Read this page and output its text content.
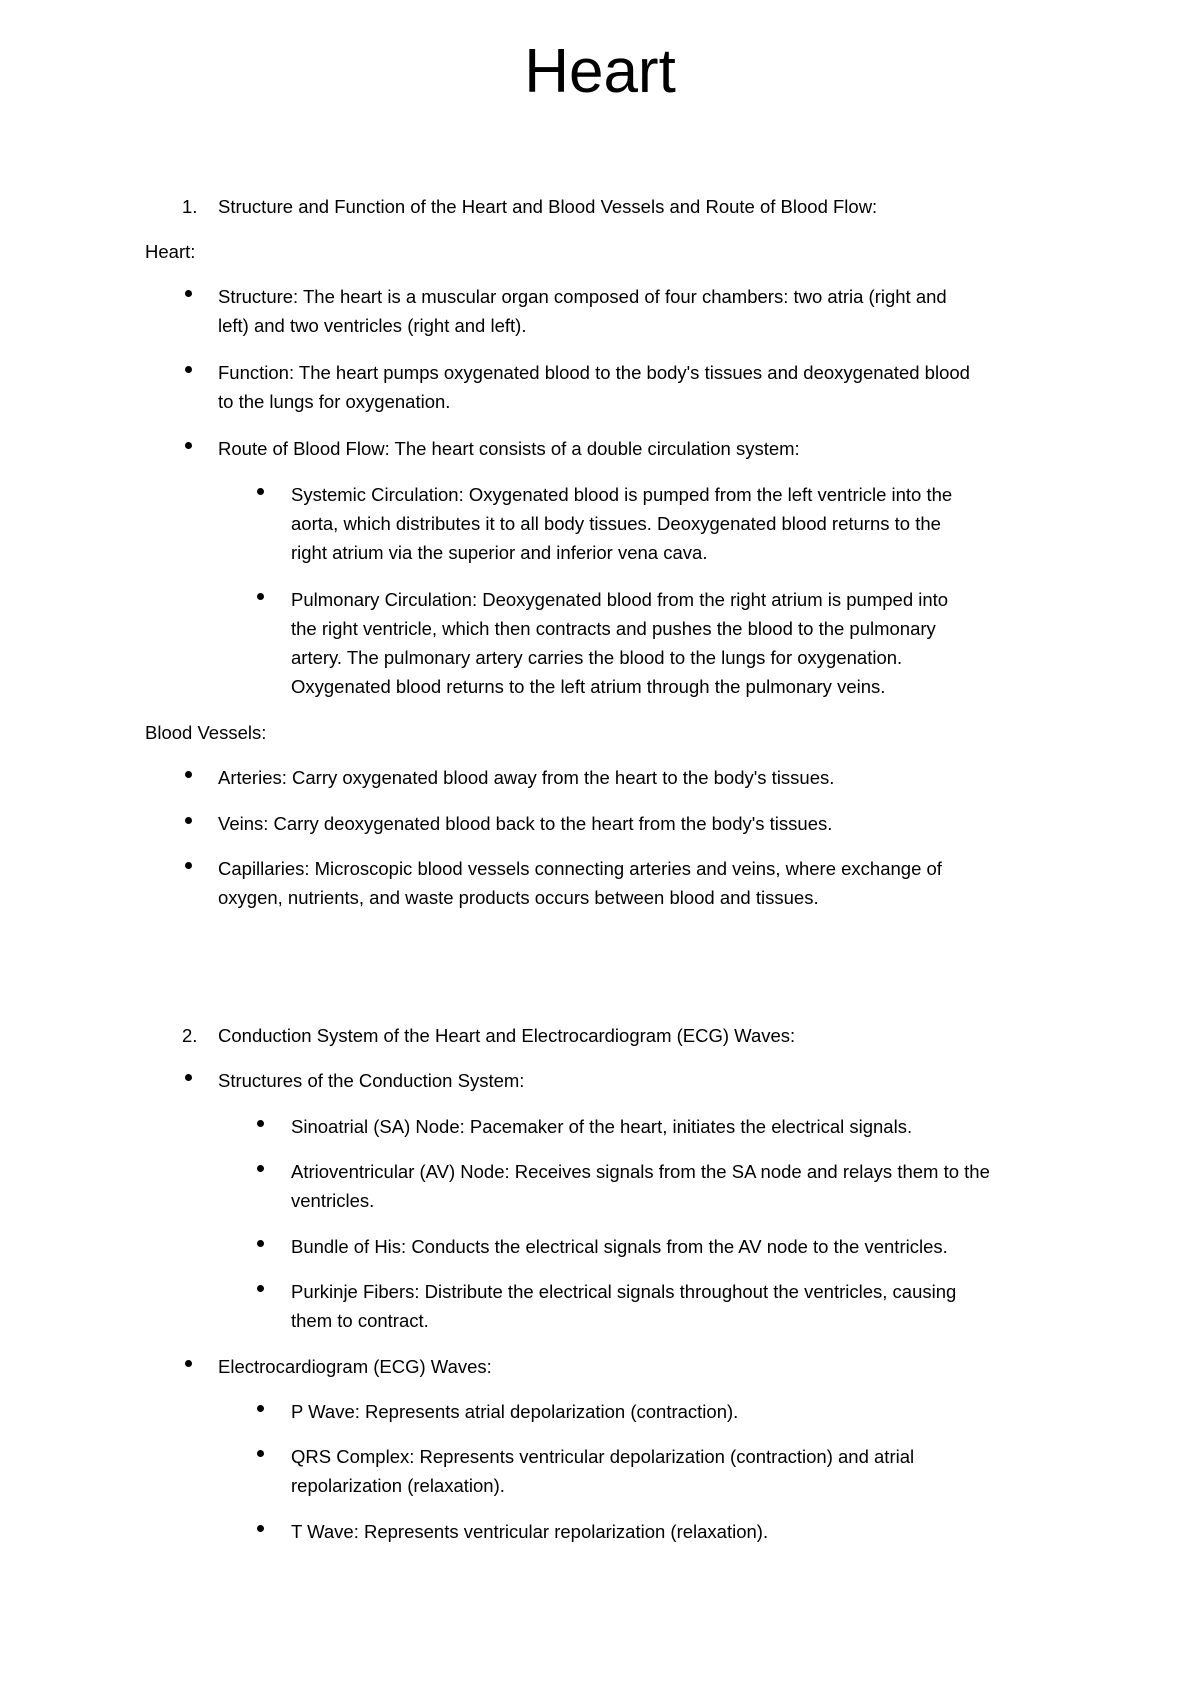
Heart
1. Structure and Function of the Heart and Blood Vessels and Route of Blood Flow:
Heart:
Structure: The heart is a muscular organ composed of four chambers: two atria (right and
left) and two ventricles (right and left).
Function: The heart pumps oxygenated blood to the body's tissues and deoxygenated blood
to the lungs for oxygenation.
Route of Blood Flow: The heart consists of a double circulation system:
Systemic Circulation: Oxygenated blood is pumped from the left ventricle into the
aorta, which distributes it to all body tissues. Deoxygenated blood returns to the
right atrium via the superior and inferior vena cava.
Pulmonary Circulation: Deoxygenated blood from the right atrium is pumped into
the right ventricle, which then contracts and pushes the blood to the pulmonary
artery. The pulmonary artery carries the blood to the lungs for oxygenation.
Oxygenated blood returns to the left atrium through the pulmonary veins.
Blood Vessels:
Arteries: Carry oxygenated blood away from the heart to the body's tissues.
Veins: Carry deoxygenated blood back to the heart from the body's tissues.
Capillaries: Microscopic blood vessels connecting arteries and veins, where exchange of
oxygen, nutrients, and waste products occurs between blood and tissues.
2. Conduction System of the Heart and Electrocardiogram (ECG) Waves:
Structures of the Conduction System:
Sinoatrial (SA) Node: Pacemaker of the heart, initiates the electrical signals.
Atrioventricular (AV) Node: Receives signals from the SA node and relays them to the
ventricles.
Bundle of His: Conducts the electrical signals from the AV node to the ventricles.
Purkinje Fibers: Distribute the electrical signals throughout the ventricles, causing
them to contract.
Electrocardiogram (ECG) Waves:
P Wave: Represents atrial depolarization (contraction).
QRS Complex: Represents ventricular depolarization (contraction) and atrial
repolarization (relaxation).
T Wave: Represents ventricular repolarization (relaxation).
